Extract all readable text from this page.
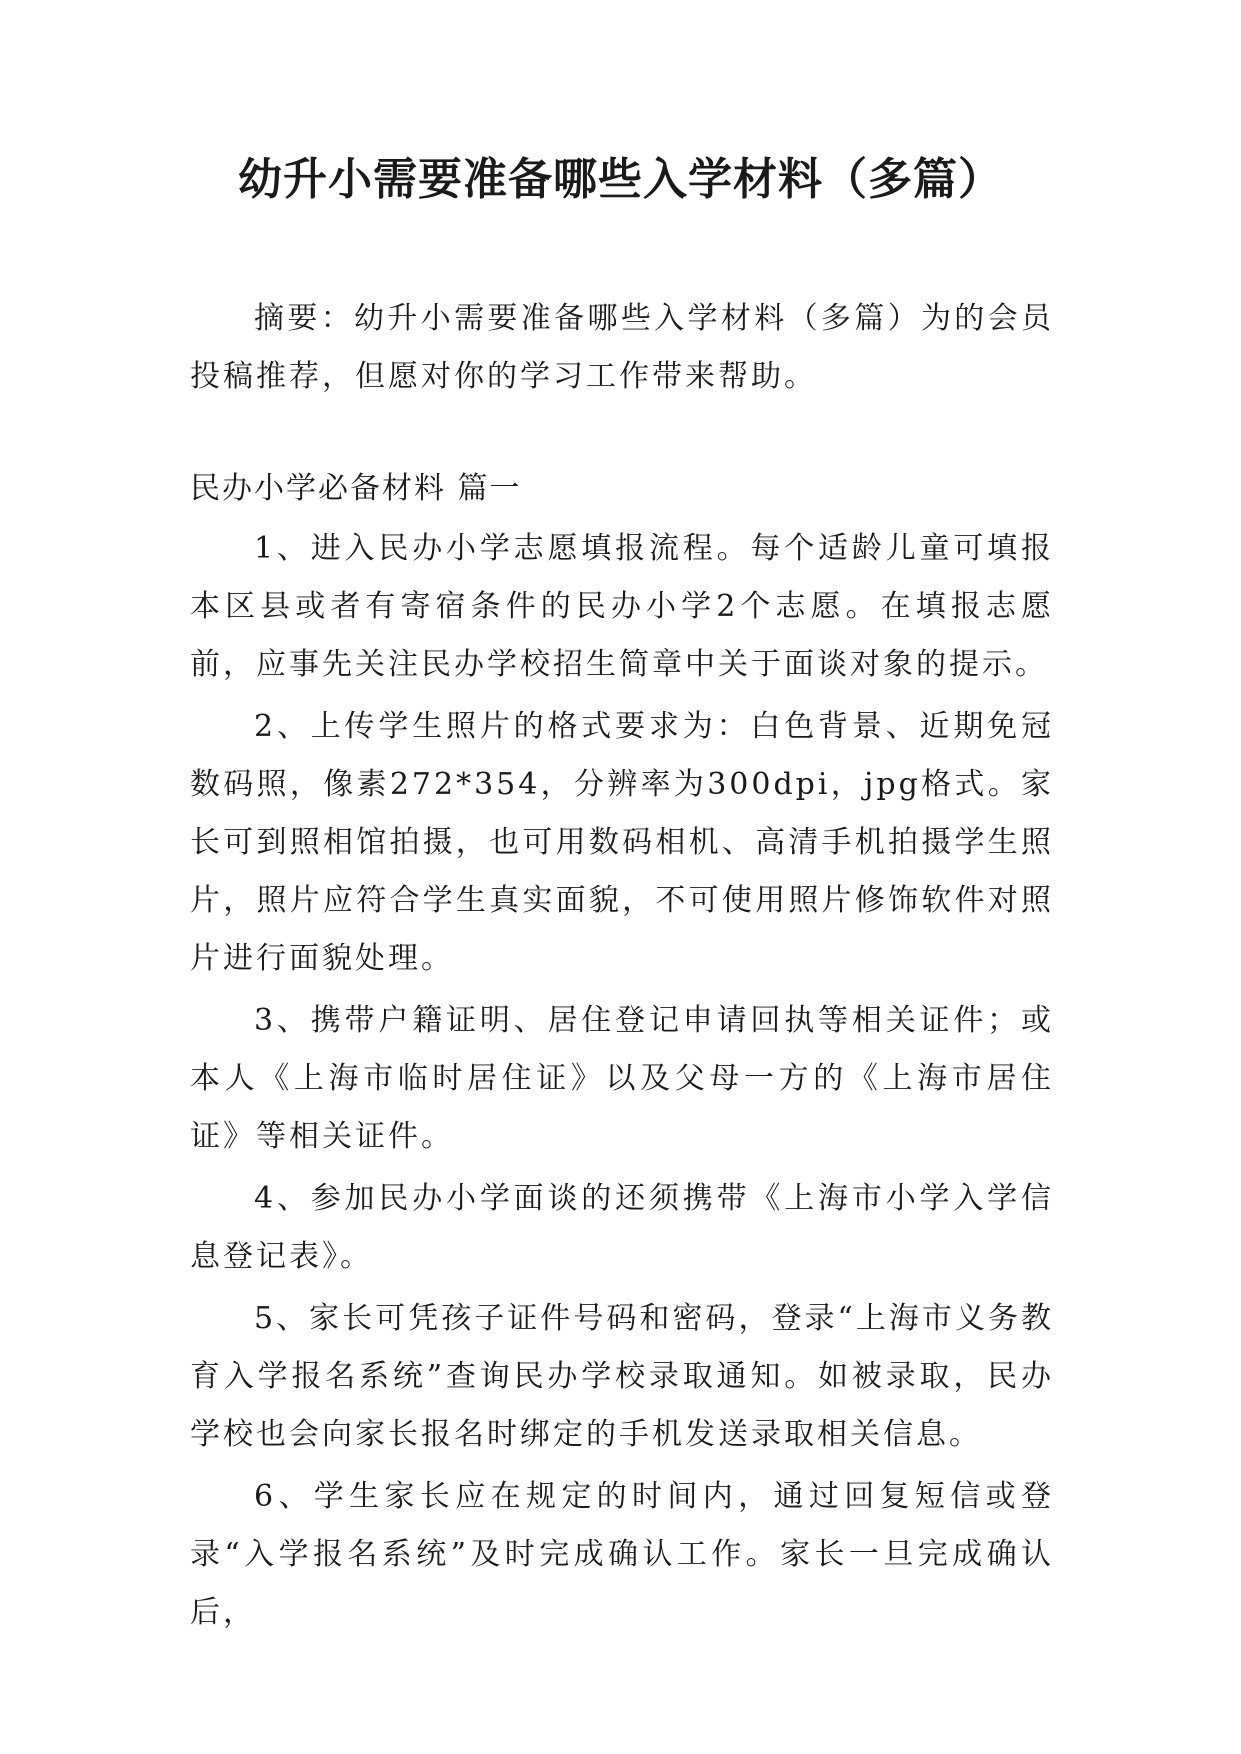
幼升小需要准备哪些入学材料（多篇）

摘要：幼升小需要准备哪些入学材料（多篇）为的会员投稿推荐，但愿对你的学习工作带来帮助。

民办小学必备材料 篇一

1、进入民办小学志愿填报流程。每个适龄儿童可填报本区县或者有寄宿条件的民办小学2个志愿。在填报志愿前，应事先关注民办学校招生简章中关于面谈对象的提示。
2、上传学生照片的格式要求为：白色背景、近期免冠数码照，像素272*354，分辨率为300dpi，jpg格式。家长可到照相馆拍摄，也可用数码相机、高清手机拍摄学生照片，照片应符合学生真实面貌，不可使用照片修饰软件对照片进行面貌处理。
3、携带户籍证明、居住登记申请回执等相关证件；或本人《上海市临时居住证》以及父母一方的《上海市居住证》等相关证件。
4、参加民办小学面谈的还须携带《上海市小学入学信息登记表》。
5、家长可凭孩子证件号码和密码，登录“上海市义务教育入学报名系统”查询民办学校录取通知。如被录取，民办学校也会向家长报名时绑定的手机发送录取相关信息。
6、学生家长应在规定的时间内，通过回复短信或登录“入学报名系统”及时完成确认工作。家长一旦完成确认后，
